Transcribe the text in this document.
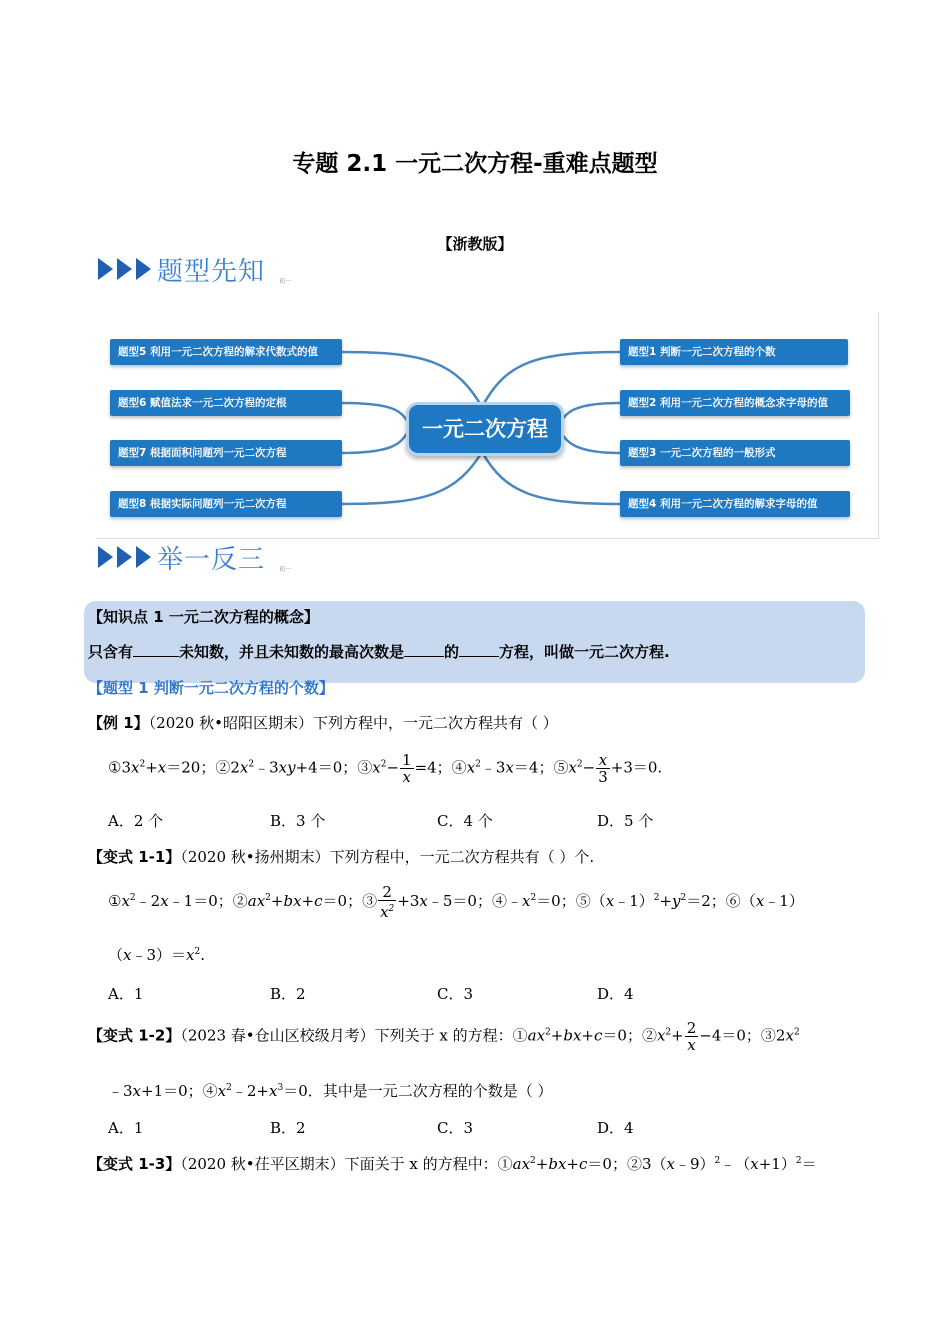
专题 2.1 一元二次方程-重难点题型
【浙教版】
题型先知 初一
题型5 利用一元二次方程的解求代数式的值
题型6 赋值法求一元二次方程的定根
题型7 根据面积问题列一元二次方程
题型8 根据实际问题列一元二次方程
一元二次方程
题型1 判断一元二次方程的个数
题型2 利用一元二次方程的概念求字母的值
题型3 一元二次方程的一般形式
题型4 利用一元二次方程的解求字母的值
举一反三 初一
【知识点 1 一元二次方程的概念】
只含有	未知数，并且未知数的最高次数是	的	方程，叫做一元二次方程.
【题型 1 判断一元二次方程的个数】
【例 1】（2020 秋•昭阳区期末）下列方程中，一元二次方程共有（ ）
$①3x^2+x=20$；$②2x^2﹣3xy+4=0$；$③x^2- \frac{1}{x} =4$；$④x^2﹣3x=4$；$⑤x^2- \frac{x}{3} +3=0$.
A．2 个	B．3 个	C．4 个	D．5 个
【变式 1-1】（2020 秋•扬州期末）下列方程中，一元二次方程共有（ ）个.
$①x^2﹣2x﹣1=0$；$②ax^2+bx+c=0$；③ $\frac{2}{x^2}$ +3x﹣5＝0；$④﹣x^2=0$；$⑤(x﹣1)^2+y^2=2$；⑥（x﹣1）
$(x﹣3)=x^2$.
A．1	B．2	C．3	D．4
【变式 1-2】（2023 春•仓山区校级月考）下列关于 x 的方程：$①ax^2+bx+c=0$；$②x^2+ \frac{2}{x} -4=0$；$③2x^2$
﹣3x+1＝0；$④x^2﹣2+x^3=0$．其中是一元二次方程的个数是（ ）
A．1	B．2	C．3	D．4
【变式 1-3】（2020 秋•茌平区期末）下面关于 x 的方程中：$①ax^2+bx+c=0$；$②3(x﹣9)^2﹣(x+1)^2=$
